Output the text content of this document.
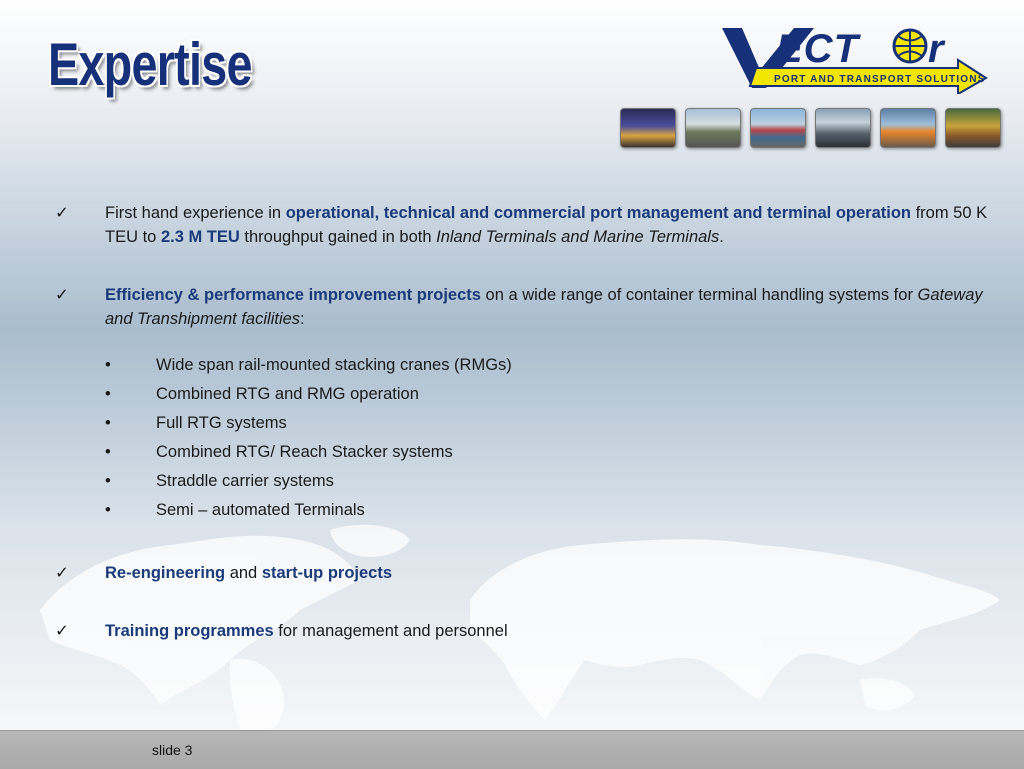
Expertise	ECT r
PORT AND TRANSPORT SOLUTIONS
✓	First hand experience in operational, technical and commercial port management and terminal operation from 50 K TEU to 2.3 M TEU throughput gained in both Inland Terminals and Marine Terminals.
✓	Efficiency & performance improvement projects on a wide range of container terminal handling systems for Gateway and Transhipment facilities:
•	Wide span rail-mounted stacking cranes (RMGs)
•	Combined RTG and RMG operation
•	Full RTG systems
•	Combined RTG/ Reach Stacker systems
•	Straddle carrier systems
•	Semi – automated Terminals
✓	Re-engineering and start-up projects
✓	Training programmes for management and personnel
slide 3
